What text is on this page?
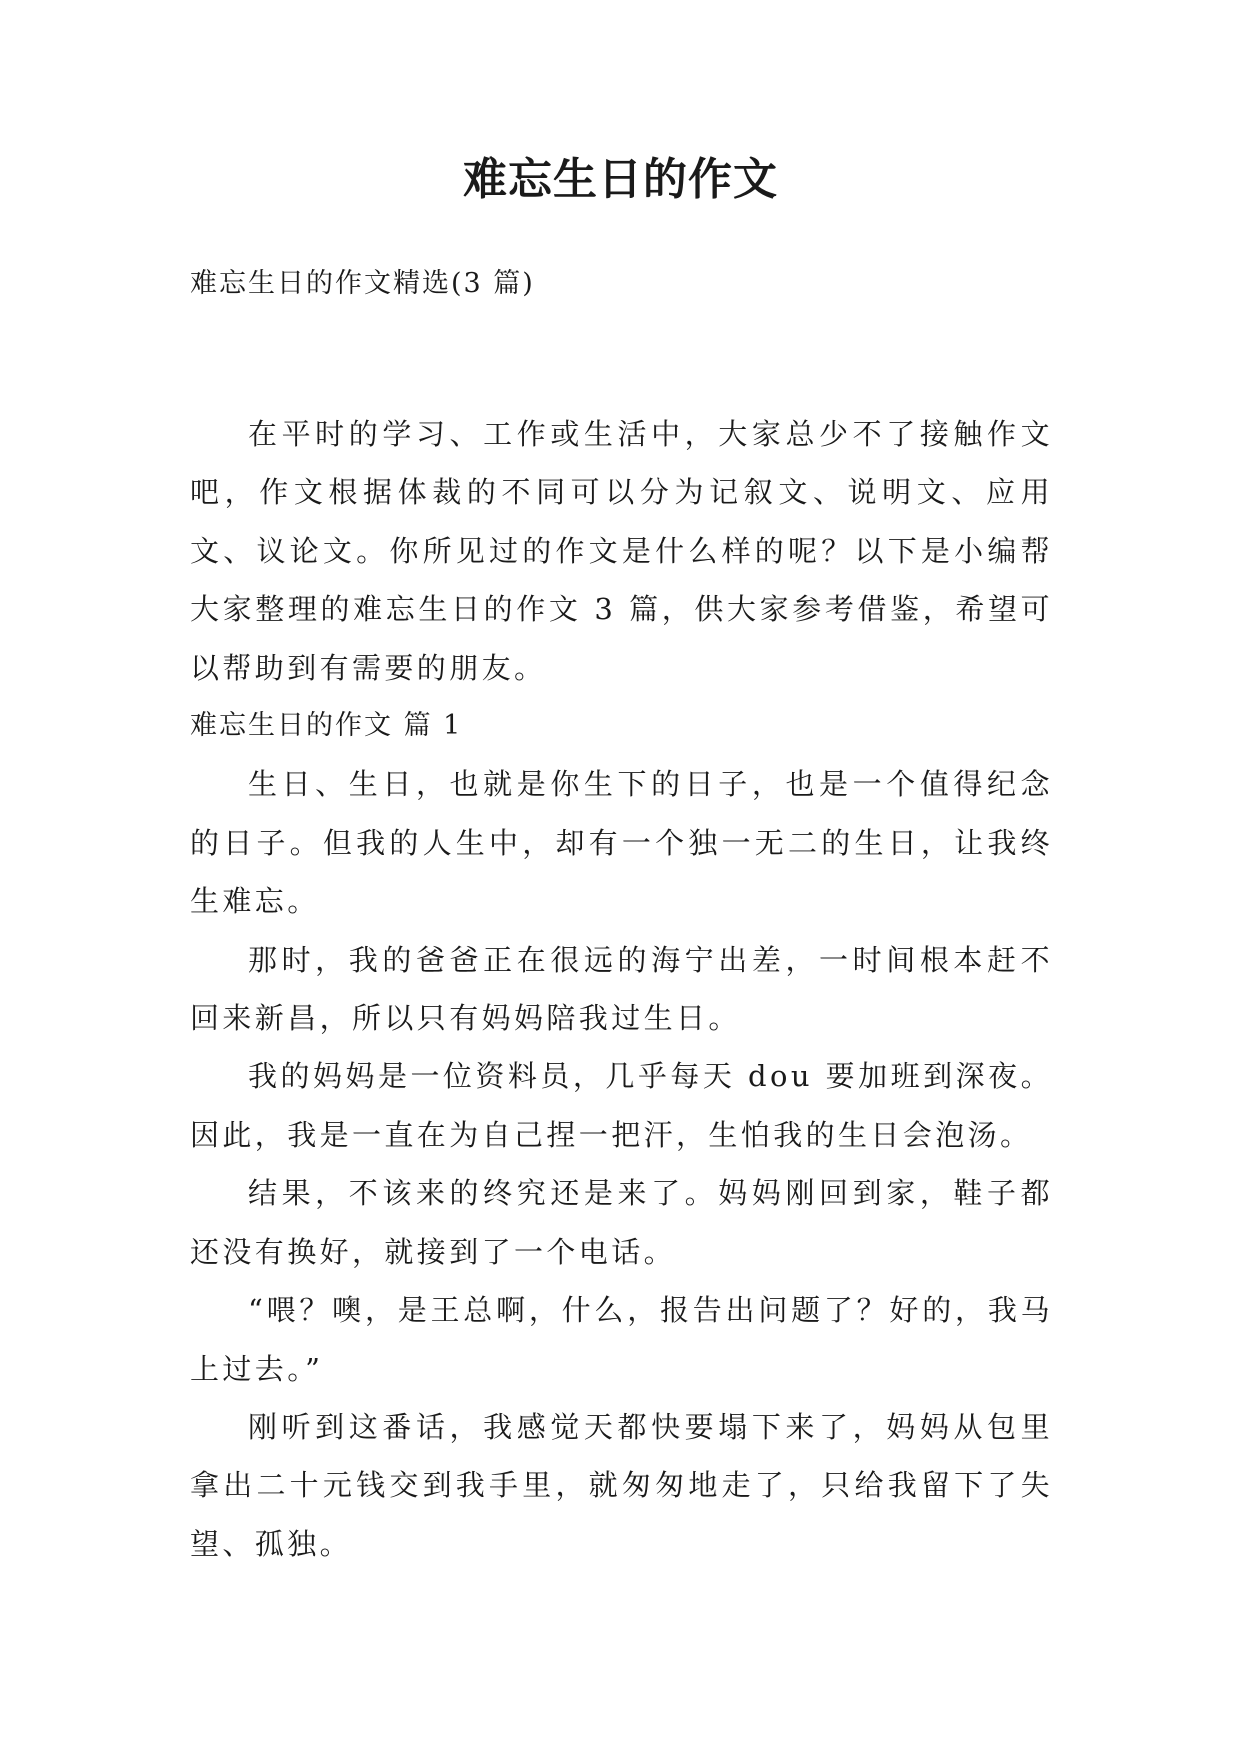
难忘生日的作文

难忘生日的作文精选(3 篇)

在平时的学习、工作或生活中，大家总少不了接触作文吧，作文根据体裁的不同可以分为记叙文、说明文、应用文、议论文。你所见过的作文是什么样的呢？以下是小编帮大家整理的难忘生日的作文 3 篇，供大家参考借鉴，希望可以帮助到有需要的朋友。

难忘生日的作文 篇 1

生日、生日，也就是你生下的日子，也是一个值得纪念的日子。但我的人生中，却有一个独一无二的生日，让我终生难忘。

那时，我的爸爸正在很远的海宁出差，一时间根本赶不回来新昌，所以只有妈妈陪我过生日。

我的妈妈是一位资料员，几乎每天 dou 要加班到深夜。因此，我是一直在为自己捏一把汗，生怕我的生日会泡汤。

结果，不该来的终究还是来了。妈妈刚回到家，鞋子都还没有换好，就接到了一个电话。

“喂？噢，是王总啊，什么，报告出问题了？好的，我马上过去。”

刚听到这番话，我感觉天都快要塌下来了，妈妈从包里拿出二十元钱交到我手里，就匆匆地走了，只给我留下了失望、孤独。
